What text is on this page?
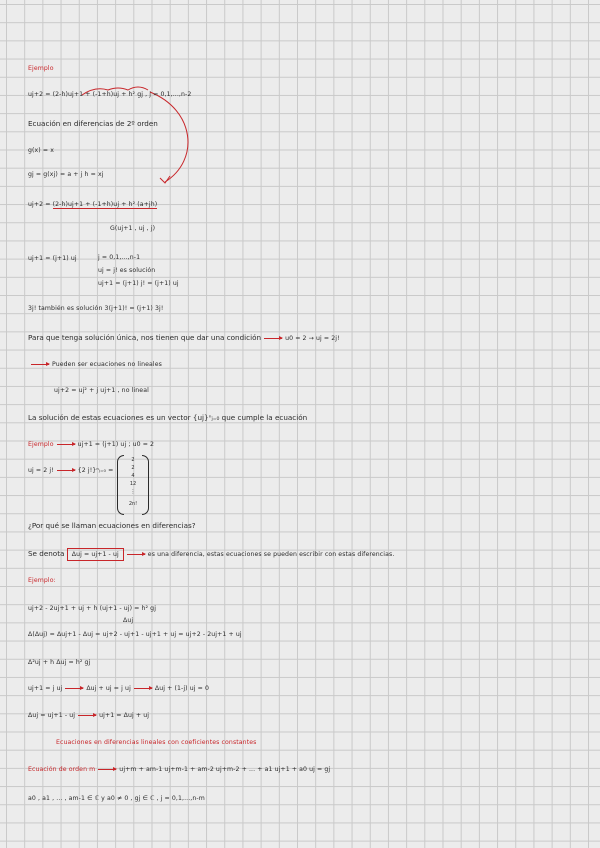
Ejemplo
uj+2 = (2-h)uj+1 + (-1+h)uj + h² gj , j = 0,1,...,n-2
Ecuación en diferencias de 2º orden
g(x) = x
gj = g(xj) = a + j h = xj
uj+2 = (2-h)uj+1 + (-1+h)uj + h² (a+jh)
G(uj+1 , uj , j)
uj+1 = (j+1) uj	j = 0,1,...,n-1
uj = j! es solución
uj+1 = (j+1) j! = (j+1) uj
3j! también es solución 3(j+1)! = (j+1) 3j!
Para que tenga solución única, nos tienen que dar una condición	u0 = 2 → uj = 2j!
Pueden ser ecuaciones no lineales
uj+2 = uj² + j uj+1 , no lineal
La solución de estas ecuaciones es un vector {uj}ⁿⱼ₌₀ que cumple la ecuación
Ejemplo	uj+1 = (j+1) uj ; u0 = 2
uj = 2 j!	{2 j!}ⁿⱼ₌₀ =
2
2
4
12
⋮
2n!
¿Por qué se llaman ecuaciones en diferencias?
Se denota Δuj = uj+1 - uj	es una diferencia, estas ecuaciones se pueden escribir con estas diferencias.
Ejemplo:
uj+2 - 2uj+1 + uj + h (uj+1 - uj) = h² gj
Δuj
Δ(Δuj) = Δuj+1 - Δuj = uj+2 - uj+1 - uj+1 + uj = uj+2 - 2uj+1 + uj
Δ²uj + h Δuj = h² gj
uj+1 = j uj	Δuj + uj = j uj	Δuj + (1-j) uj = 0
Δuj = uj+1 - uj	uj+1 = Δuj + uj
Ecuaciones en diferencias lineales con coeficientes constantes
Ecuación de orden m	uj+m + am-1 uj+m-1 + am-2 uj+m-2 + ... + a1 uj+1 + a0 uj = gj
a0 , a1 , ... , am-1 ∈ ℂ y a0 ≠ 0 , gj ∈ ℂ , j = 0,1,...,n-m
